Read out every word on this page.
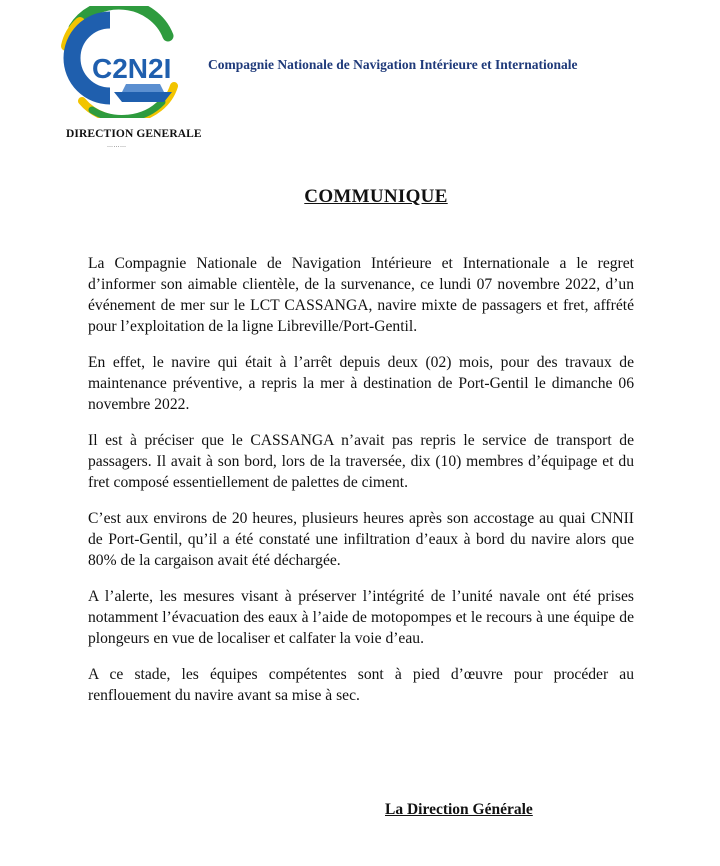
C2N2I	Compagnie Nationale de Navigation Intérieure et Internationale
DIRECTION GENERALE
………
COMMUNIQUE

La Compagnie Nationale de Navigation Intérieure et Internationale a le regret d’informer son aimable clientèle, de la survenance, ce lundi 07 novembre 2022, d’un événement de mer sur le LCT CASSANGA, navire mixte de passagers et fret, affrété pour l’exploitation de la ligne Libreville/Port-Gentil.

En effet, le navire qui était à l’arrêt depuis deux (02) mois, pour des travaux de maintenance préventive, a repris la mer à destination de Port-Gentil le dimanche 06 novembre 2022.

Il est à préciser que le CASSANGA n’avait pas repris le service de transport de passagers. Il avait à son bord, lors de la traversée, dix (10) membres d’équipage et du fret composé essentiellement de palettes de ciment.

C’est aux environs de 20 heures, plusieurs heures après son accostage au quai CNNII de Port-Gentil, qu’il a été constaté une infiltration d’eaux à bord du navire alors que 80% de la cargaison avait été déchargée.

A l’alerte, les mesures visant à préserver l’intégrité de l’unité navale ont été prises notamment l’évacuation des eaux à l’aide de motopompes et le recours à une équipe de plongeurs en vue de localiser et calfater la voie d’eau.

A ce stade, les équipes compétentes sont à pied d’œuvre pour procéder au renflouement du navire avant sa mise à sec.

La Direction Générale
